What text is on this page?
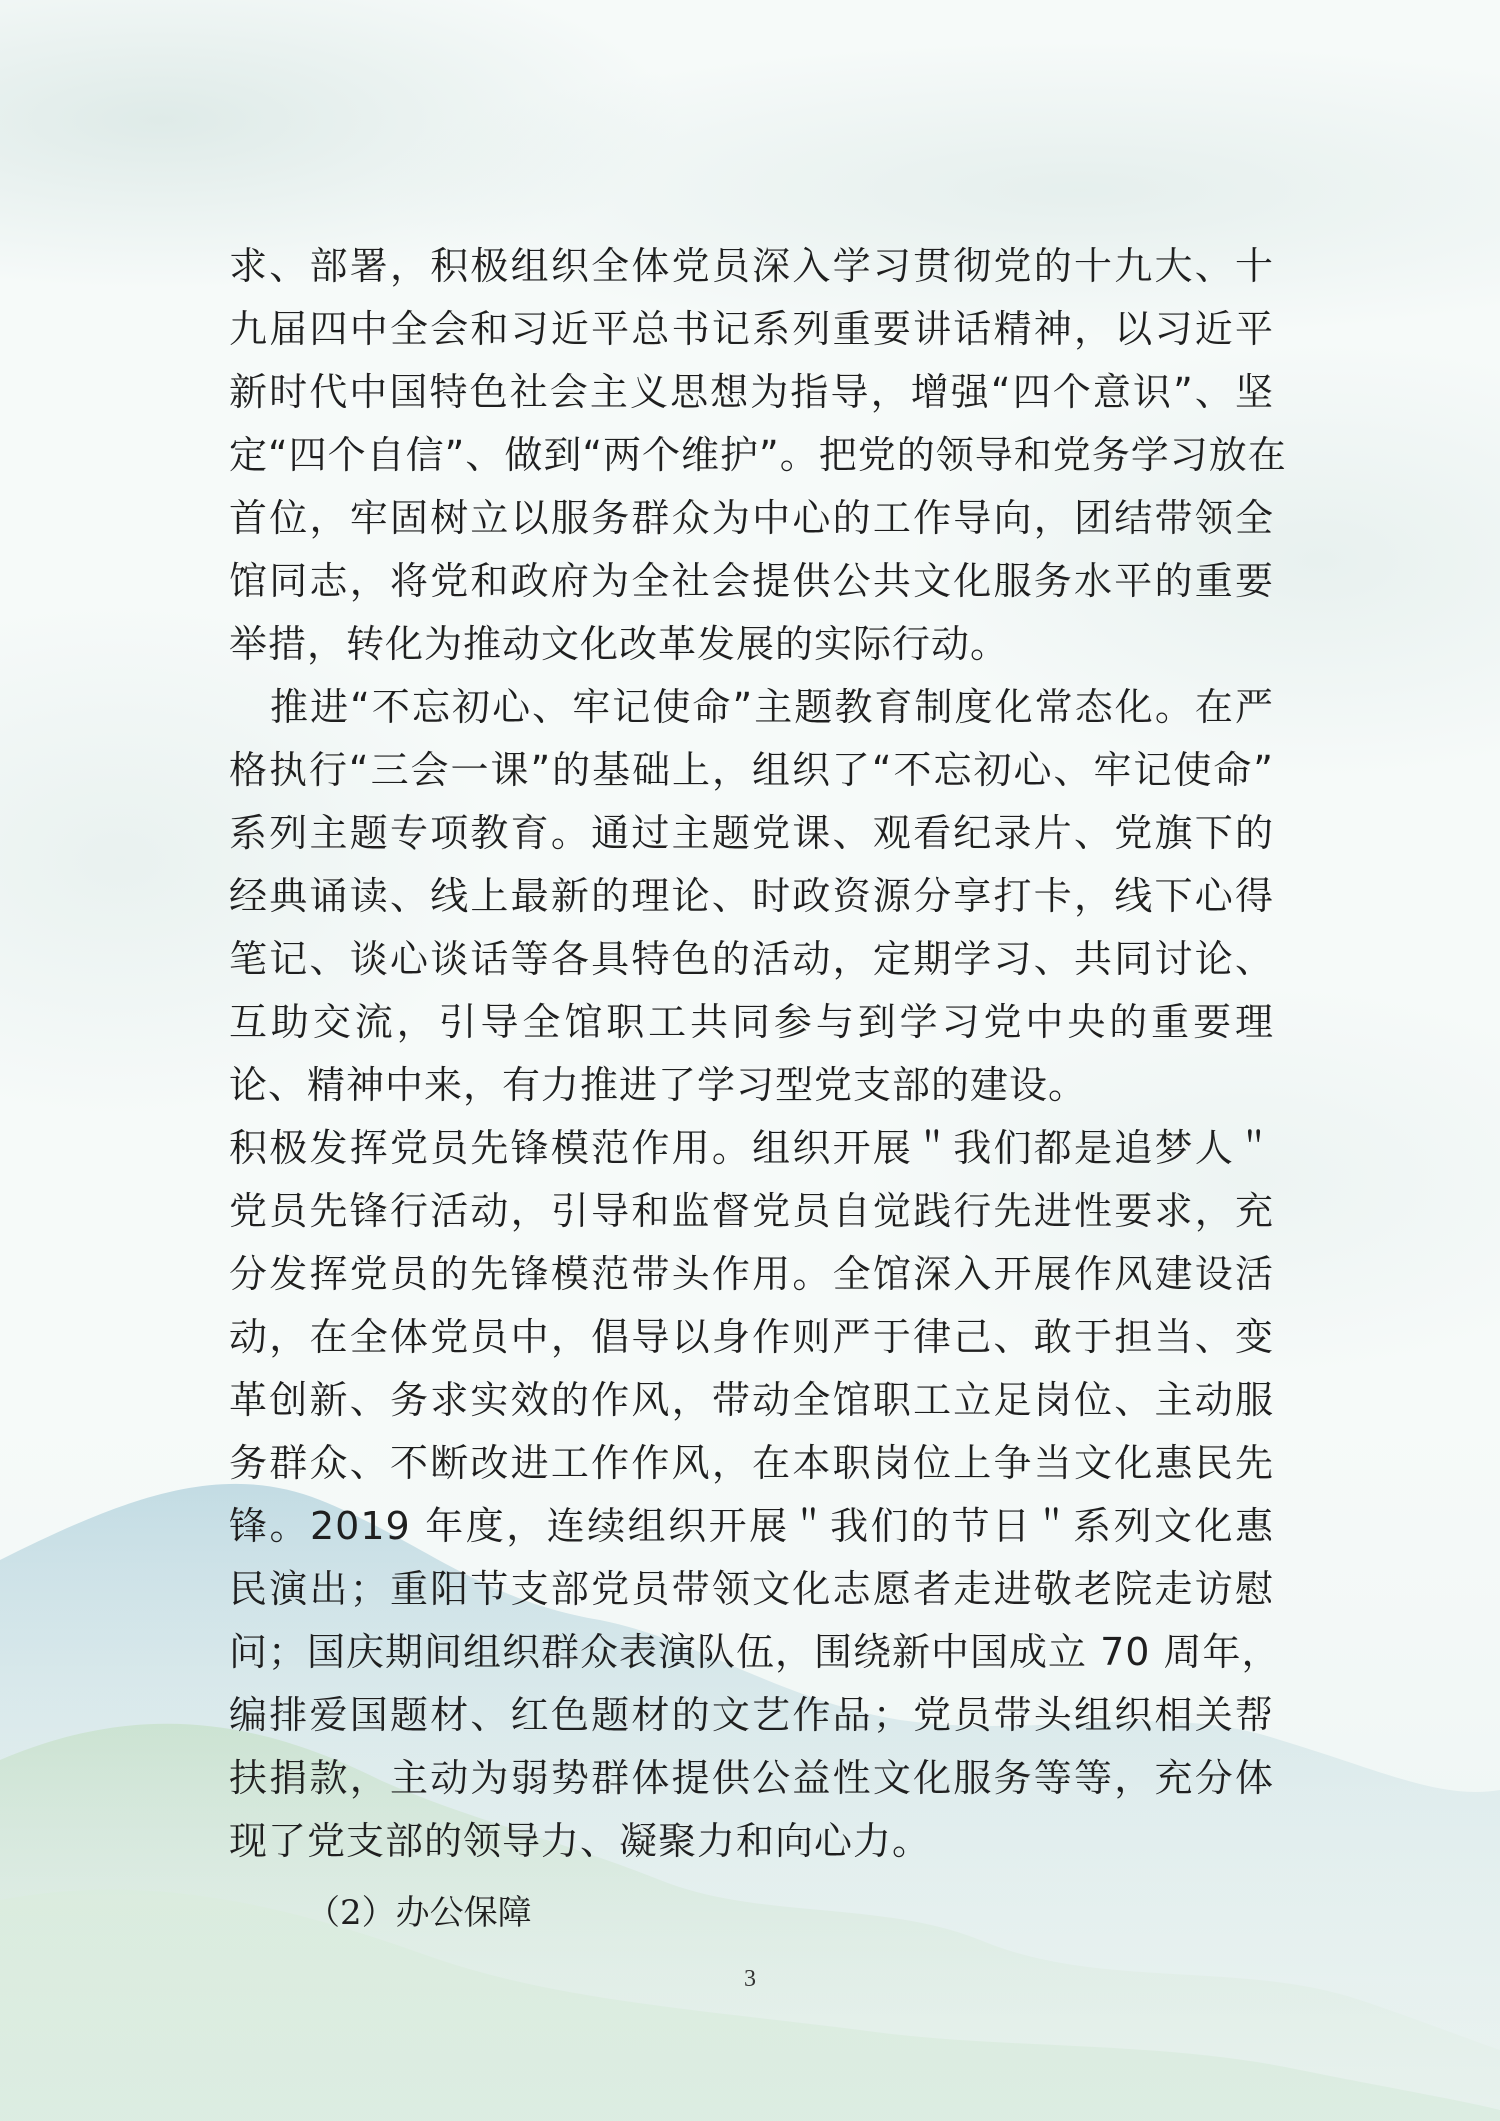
求、部署，积极组织全体党员深入学习贯彻党的十九大、十
九届四中全会和习近平总书记系列重要讲话精神，以习近平
新时代中国特色社会主义思想为指导，增强“四个意识”、坚
定“四个自信”、做到“两个维护”。把党的领导和党务学习放在
首位，牢固树立以服务群众为中心的工作导向，团结带领全
馆同志，将党和政府为全社会提供公共文化服务水平的重要
举措，转化为推动文化改革发展的实际行动。
推进“不忘初心、牢记使命”主题教育制度化常态化。在严
格执行“三会一课”的基础上，组织了“不忘初心、牢记使命”
系列主题专项教育。通过主题党课、观看纪录片、党旗下的
经典诵读、线上最新的理论、时政资源分享打卡，线下心得
笔记、谈心谈话等各具特色的活动，定期学习、共同讨论、
互助交流，引导全馆职工共同参与到学习党中央的重要理
论、精神中来，有力推进了学习型党支部的建设。
积极发挥党员先锋模范作用。组织开展＂我们都是追梦人＂
党员先锋行活动，引导和监督党员自觉践行先进性要求，充
分发挥党员的先锋模范带头作用。全馆深入开展作风建设活
动，在全体党员中，倡导以身作则严于律己、敢于担当、变
革创新、务求实效的作风，带动全馆职工立足岗位、主动服
务群众、不断改进工作作风，在本职岗位上争当文化惠民先
锋。2019 年度，连续组织开展＂我们的节日＂系列文化惠
民演出；重阳节支部党员带领文化志愿者走进敬老院走访慰
问；国庆期间组织群众表演队伍，围绕新中国成立 70 周年，
编排爱国题材、红色题材的文艺作品；党员带头组织相关帮
扶捐款，主动为弱势群体提供公益性文化服务等等，充分体
现了党支部的领导力、凝聚力和向心力。
（2）办公保障
3
